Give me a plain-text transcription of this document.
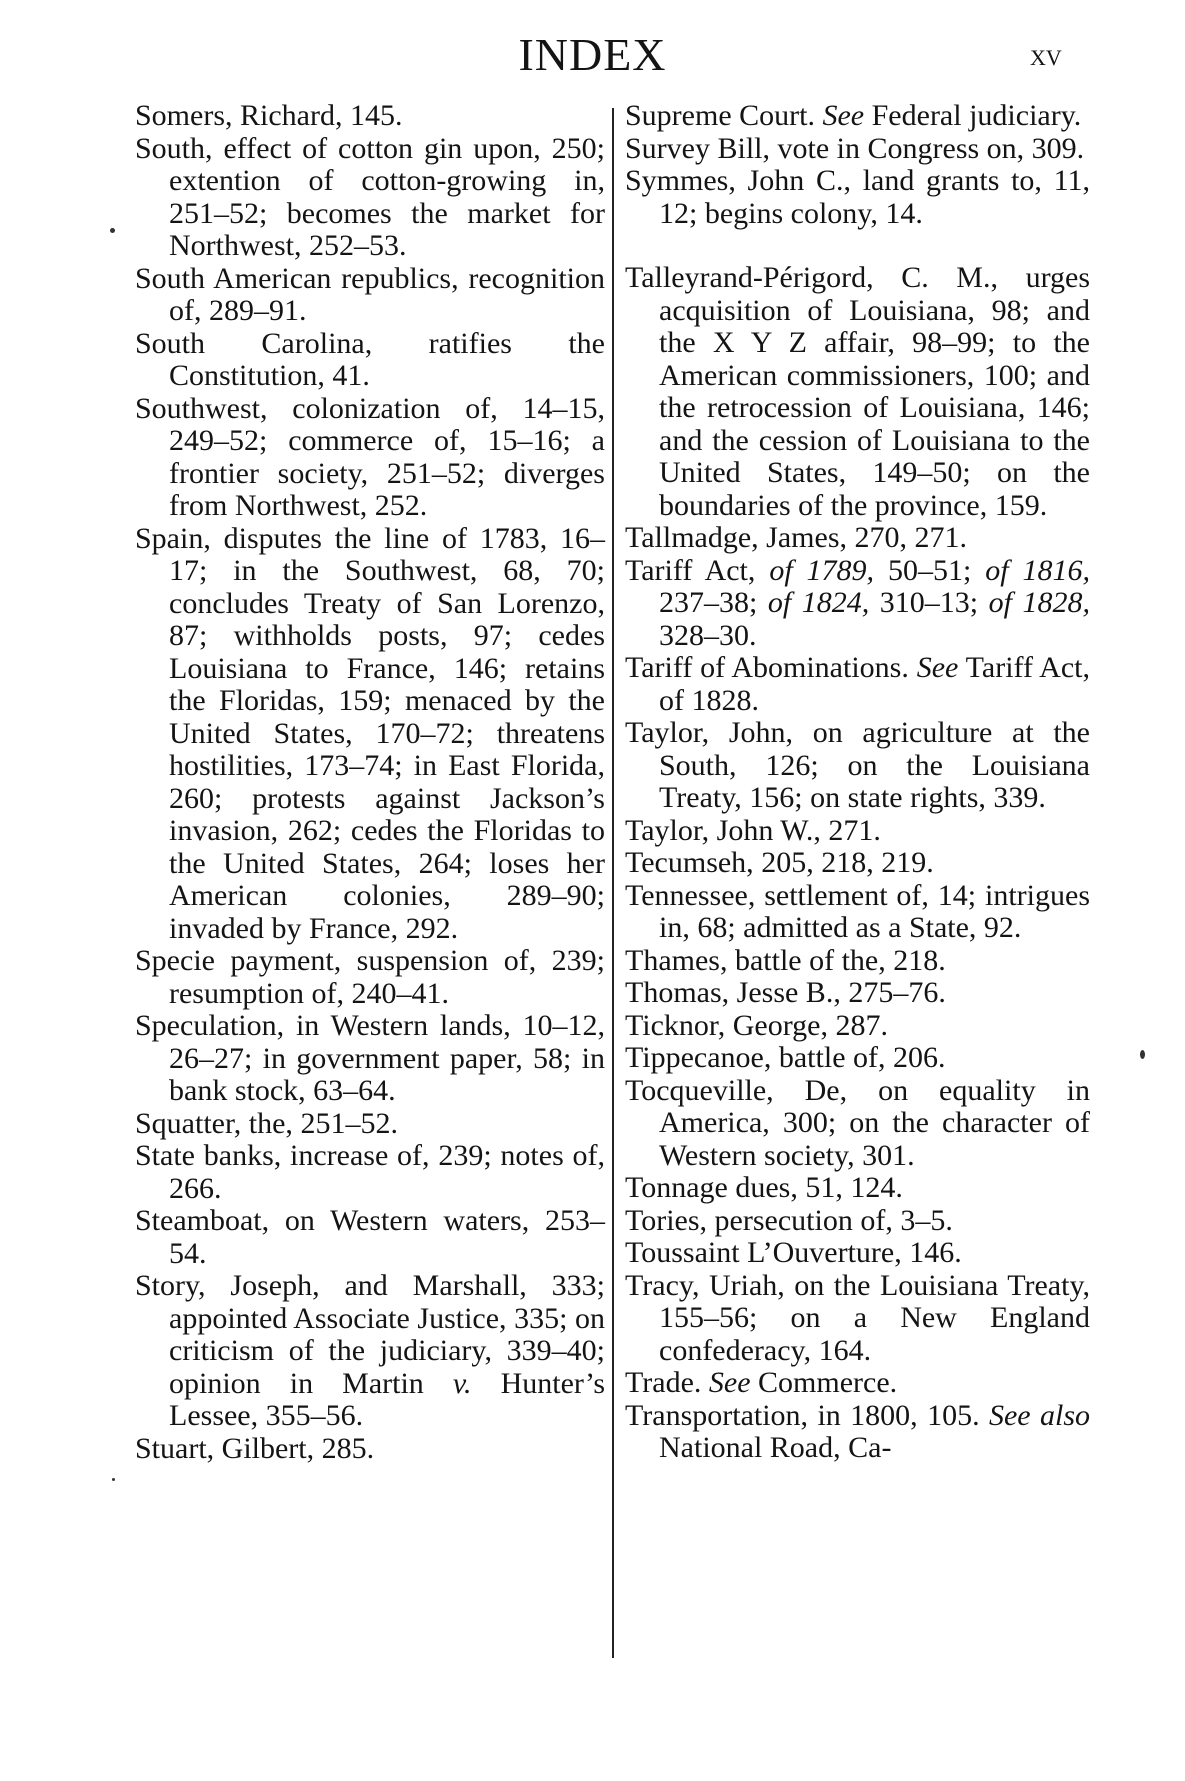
INDEX	xv

Somers, Richard, 145.

South, effect of cotton gin upon, 250; extention of cotton-growing in, 251–52; becomes the market for Northwest, 252–53.

South American republics, recognition of, 289–91.

South Carolina, ratifies the Constitution, 41.

Southwest, colonization of, 14–15, 249–52; commerce of, 15–16; a frontier society, 251–52; diverges from Northwest, 252.

Spain, disputes the line of 1783, 16–17; in the Southwest, 68, 70; concludes Treaty of San Lorenzo, 87; withholds posts, 97; cedes Louisiana to France, 146; retains the Floridas, 159; menaced by the United States, 170–72; threatens hostilities, 173–74; in East Florida, 260; protests against Jackson’s invasion, 262; cedes the Floridas to the United States, 264; loses her American colonies, 289–90; invaded by France, 292.

Specie payment, suspension of, 239; resumption of, 240–41.

Speculation, in Western lands, 10–12, 26–27; in government paper, 58; in bank stock, 63–64.

Squatter, the, 251–52.

State banks, increase of, 239; notes of, 266.

Steamboat, on Western waters, 253–54.

Story, Joseph, and Marshall, 333; appointed Associate Justice, 335; on criticism of the judiciary, 339–40; opinion in Martin v. Hunter’s Lessee, 355–56.

Stuart, Gilbert, 285.

Supreme Court. See Federal judiciary.

Survey Bill, vote in Congress on, 309.

Symmes, John C., land grants to, 11, 12; begins colony, 14.

Talleyrand-Périgord, C. M., urges acquisition of Louisiana, 98; and the X Y Z affair, 98–99; to the American commissioners, 100; and the retrocession of Louisiana, 146; and the cession of Louisiana to the United States, 149–50; on the boundaries of the province, 159.

Tallmadge, James, 270, 271.

Tariff Act, of 1789, 50–51; of 1816, 237–38; of 1824, 310–13; of 1828, 328–30.

Tariff of Abominations. See Tariff Act, of 1828.

Taylor, John, on agriculture at the South, 126; on the Louisiana Treaty, 156; on state rights, 339.

Taylor, John W., 271.

Tecumseh, 205, 218, 219.

Tennessee, settlement of, 14; intrigues in, 68; admitted as a State, 92.

Thames, battle of the, 218.

Thomas, Jesse B., 275–76.

Ticknor, George, 287.

Tippecanoe, battle of, 206.

Tocqueville, De, on equality in America, 300; on the character of Western society, 301.

Tonnage dues, 51, 124.

Tories, persecution of, 3–5.

Toussaint L’Ouverture, 146.

Tracy, Uriah, on the Louisiana Treaty, 155–56; on a New England confederacy, 164.

Trade. See Commerce.

Transportation, in 1800, 105. See also National Road, Ca-
